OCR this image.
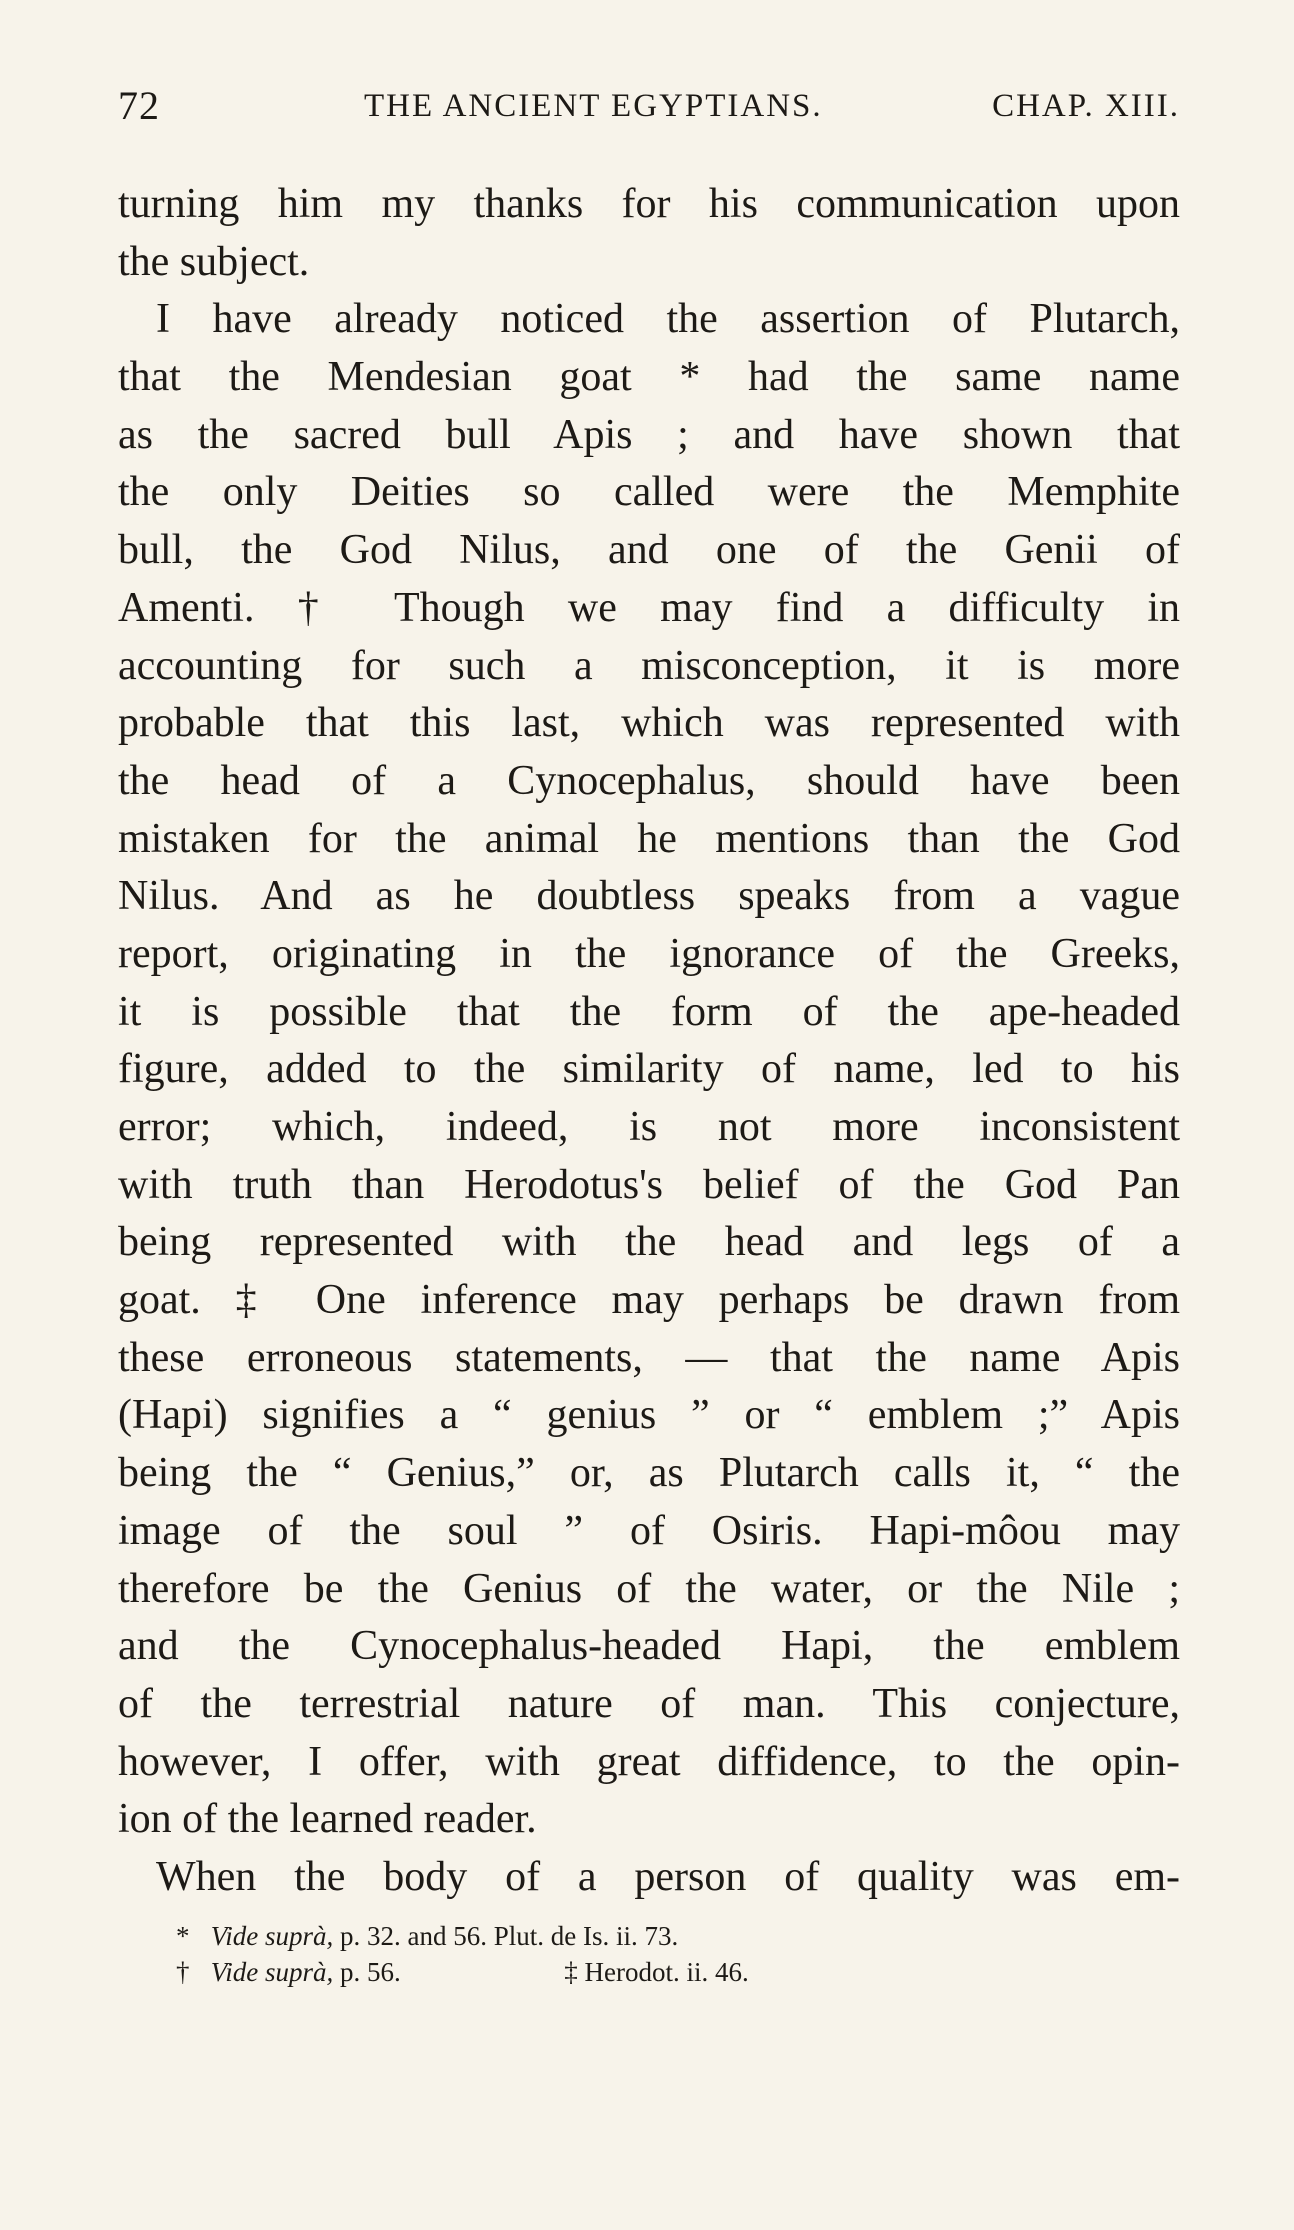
72	THE ANCIENT EGYPTIANS.	CHAP. XIII.
turning him my thanks for his communication upon
the subject.
I have already noticed the assertion of Plutarch,
that the Mendesian goat * had the same name
as the sacred bull Apis ; and have shown that
the only Deities so called were the Memphite
bull, the God Nilus, and one of the Genii of
Amenti. † Though we may find a difficulty in
accounting for such a misconception, it is more
probable that this last, which was represented with
the head of a Cynocephalus, should have been
mistaken for the animal he mentions than the God
Nilus. And as he doubtless speaks from a vague
report, originating in the ignorance of the Greeks,
it is possible that the form of the ape-headed
figure, added to the similarity of name, led to his
error; which, indeed, is not more inconsistent
with truth than Herodotus's belief of the God Pan
being represented with the head and legs of a
goat. ‡ One inference may perhaps be drawn from
these erroneous statements, — that the name Apis
(Hapi) signifies a “ genius ” or “ emblem ;” Apis
being the “ Genius,” or, as Plutarch calls it, “ the
image of the soul ” of Osiris. Hapi-môou may
therefore be the Genius of the water, or the Nile ;
and the Cynocephalus-headed Hapi, the emblem
of the terrestrial nature of man. This conjecture,
however, I offer, with great diffidence, to the opin-
ion of the learned reader.
When the body of a person of quality was em-
* Vide suprà, p. 32. and 56. Plut. de Is. ii. 73.
† Vide suprà, p. 56.	‡ Herodot. ii. 46.
